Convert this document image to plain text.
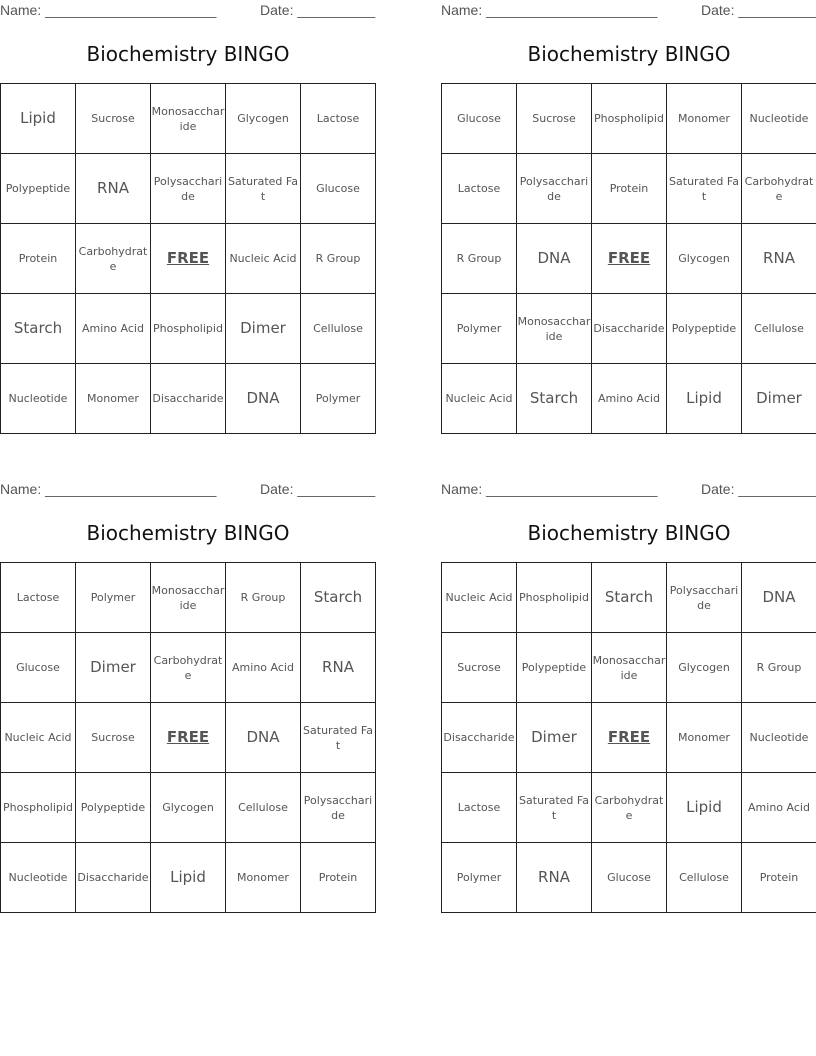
Name: ______________________	Date: __________
Biochemistry BINGO
Lipid	Sucrose	Monosaccharide	Glycogen	Lactose
Polypeptide	RNA	Polysaccharide	Saturated Fat	Glucose
Protein	Carbohydrate	FREE	Nucleic Acid	R Group
Starch	Amino Acid	Phospholipid	Dimer	Cellulose
Nucleotide	Monomer	Disaccharide	DNA	Polymer
Name: ______________________	Date: __________
Biochemistry BINGO
Glucose	Sucrose	Phospholipid	Monomer	Nucleotide
Lactose	Polysaccharide	Protein	Saturated Fat	Carbohydrate
R Group	DNA	FREE	Glycogen	RNA
Polymer	Monosaccharide	Disaccharide	Polypeptide	Cellulose
Nucleic Acid	Starch	Amino Acid	Lipid	Dimer
Name: ______________________	Date: __________
Biochemistry BINGO
Lactose	Polymer	Monosaccharide	R Group	Starch
Glucose	Dimer	Carbohydrate	Amino Acid	RNA
Nucleic Acid	Sucrose	FREE	DNA	Saturated Fat
Phospholipid	Polypeptide	Glycogen	Cellulose	Polysaccharide
Nucleotide	Disaccharide	Lipid	Monomer	Protein
Name: ______________________	Date: __________
Biochemistry BINGO
Nucleic Acid	Phospholipid	Starch	Polysaccharide	DNA
Sucrose	Polypeptide	Monosaccharide	Glycogen	R Group
Disaccharide	Dimer	FREE	Monomer	Nucleotide
Lactose	Saturated Fat	Carbohydrate	Lipid	Amino Acid
Polymer	RNA	Glucose	Cellulose	Protein
